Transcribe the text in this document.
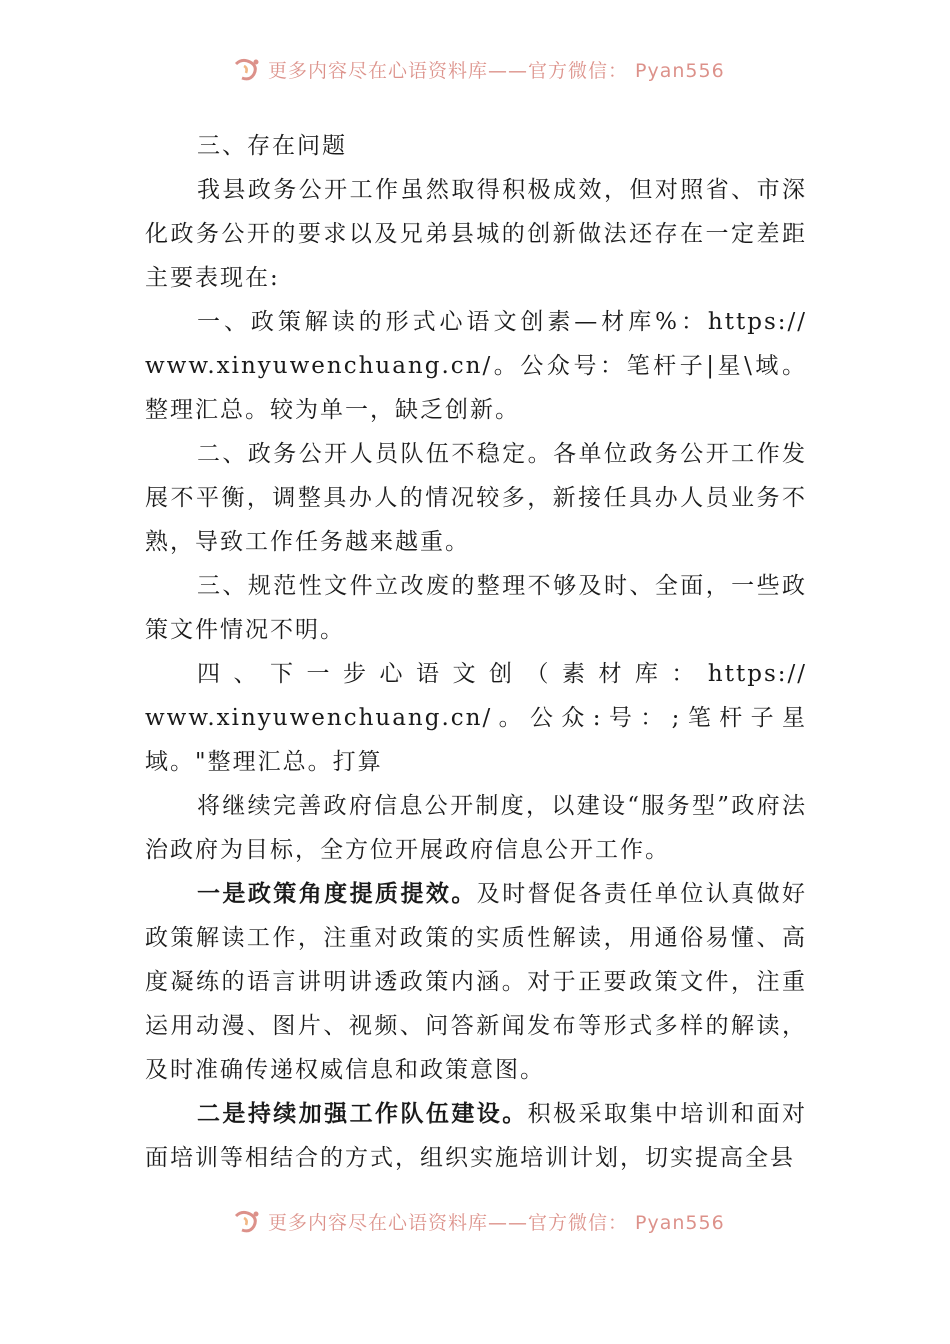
更多内容尽在心语资料库——官方微信： Pyan556

三、存在问题

我县政务公开工作虽然取得积极成效，但对照省、市深化政务公开的要求以及兄弟县城的创新做法还存在一定差距主要表现在:

一、政策解读的形式心语文创素—材库%：https://

www.xinyuwenchuang.cn/。公众号：笔杆子|星\域。整理汇总。较为单一，缺乏创新。

二、政务公开人员队伍不稳定。各单位政务公开工作发展不平衡，调整具办人的情况较多，新接任具办人员业务不熟，导致工作任务越来越重。

三、规范性文件立改废的整理不够及时、全面，一些政策文件情况不明。

四、下一步心语文创（素材库：https://

www.xinyuwenchuang.cn/。公众:号：;笔杆子星域。"整理汇总。打算

将继续完善政府信息公开制度，以建设“服务型”政府法治政府为目标，全方位开展政府信息公开工作。

一是政策角度提质提效。及时督促各责任单位认真做好政策解读工作，注重对政策的实质性解读，用通俗易懂、高度凝练的语言讲明讲透政策内涵。对于正要政策文件，注重运用动漫、图片、视频、问答新闻发布等形式多样的解读，及时准确传递权威信息和政策意图。

二是持续加强工作队伍建设。积极采取集中培训和面对面培训等相结合的方式，组织实施培训计划，切实提高全县

更多内容尽在心语资料库——官方微信： Pyan556
